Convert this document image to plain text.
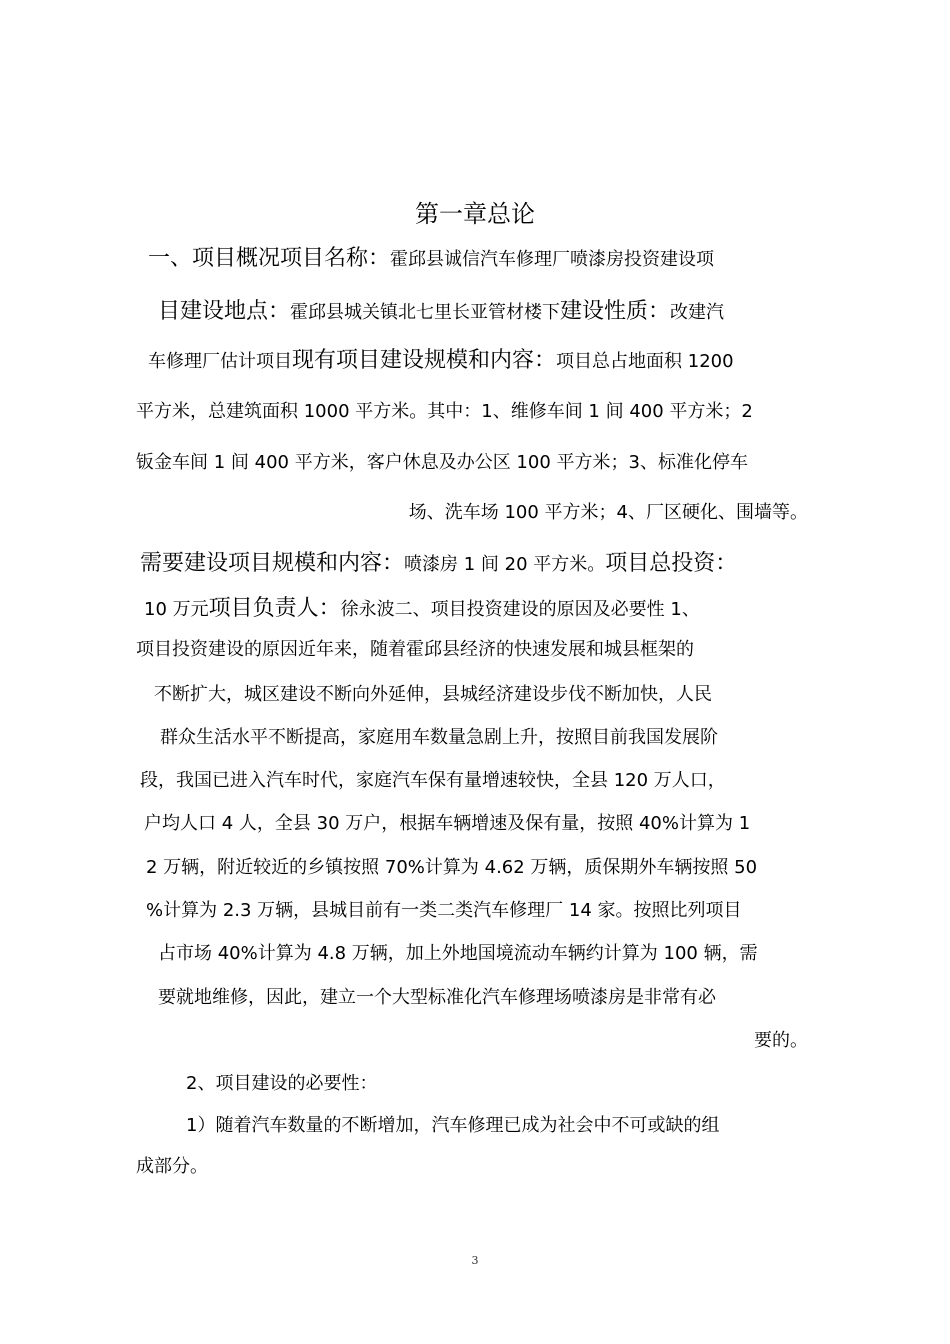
第一章总论
一、项目概况项目名称：霍邱县诚信汽车修理厂喷漆房投资建设项
目建设地点：霍邱县城关镇北七里长亚管材楼下建设性质：改建汽
车修理厂估计项目现有项目建设规模和内容：项目总占地面积 1200
平方米，总建筑面积 1000 平方米。其中：1、维修车间 1 间 400 平方米；2
钣金车间 1 间 400 平方米，客户休息及办公区 100 平方米；3、标准化停车
场、洗车场 100 平方米；4、厂区硬化、围墙等。
需要建设项目规模和内容：喷漆房 1 间 20 平方米。项目总投资：
10 万元项目负责人：徐永波二、项目投资建设的原因及必要性 1、
项目投资建设的原因近年来，随着霍邱县经济的快速发展和城县框架的
不断扩大，城区建设不断向外延伸，县城经济建设步伐不断加快，人民
群众生活水平不断提高，家庭用车数量急剧上升，按照目前我国发展阶
段，我国已进入汽车时代，家庭汽车保有量增速较快，全县 120 万人口，
户均人口 4 人，全县 30 万户，根据车辆增速及保有量，按照 40%计算为 1
2 万辆，附近较近的乡镇按照 70%计算为 4.62 万辆，质保期外车辆按照 50
%计算为 2.3 万辆，县城目前有一类二类汽车修理厂 14 家。按照比列项目
占市场 40%计算为 4.8 万辆，加上外地国境流动车辆约计算为 100 辆，需
要就地维修，因此，建立一个大型标准化汽车修理场喷漆房是非常有必
要的。
2、项目建设的必要性：
1）随着汽车数量的不断增加，汽车修理已成为社会中不可或缺的组
成部分。
3
